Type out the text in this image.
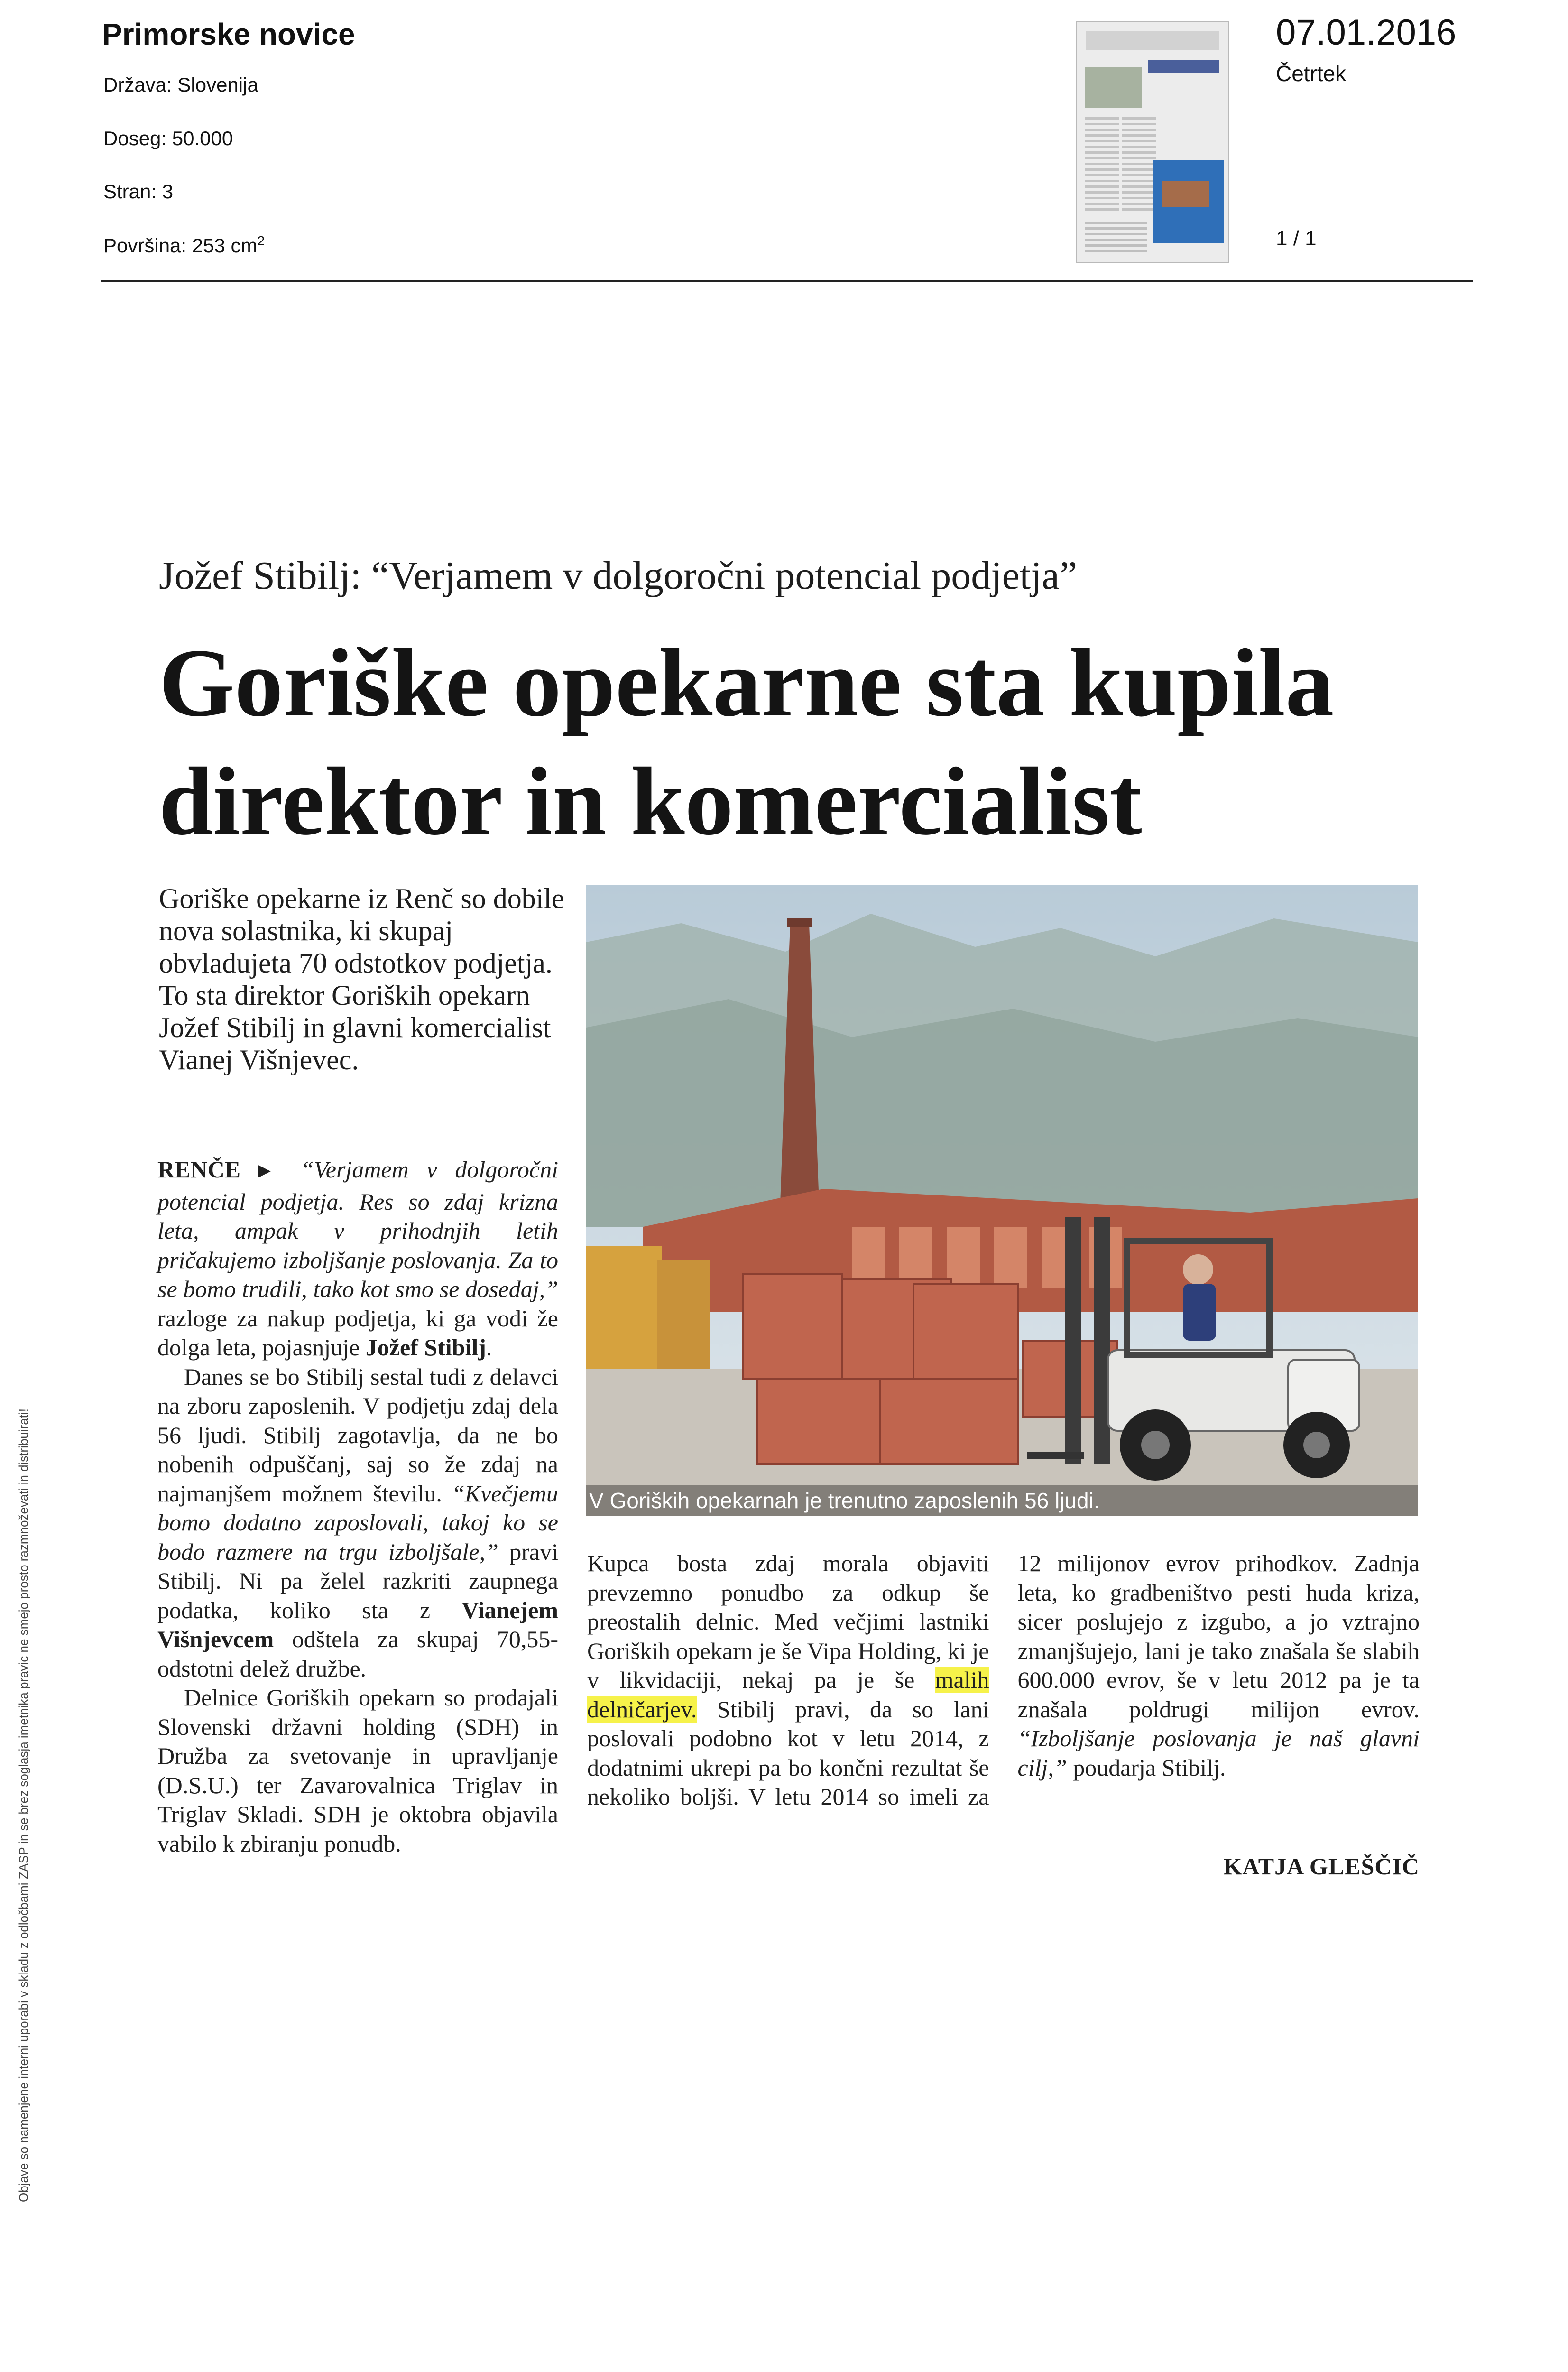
Primorske novice
Država: Slovenija
Doseg: 50.000
Stran: 3
Površina: 253 $cm^2$
07.01.2016
Četrtek
1 / 1
Jožef Stibilj: “Verjamem v dolgoročni potencial podjetja”
Goriške opekarne sta kupila direktor in komercialist
Goriške opekarne iz Renč so dobile nova solastnika, ki skupaj obvladujeta 70 odstotkov podjetja. To sta direktor Goriških opekarn Jožef Stibilj in glavni komercialist Vianej Višnjevec.

RENČE ▶ “Verjamem v dolgoročni potencial podjetja. Res so zdaj krizna leta, ampak v prihodnjih letih pričakujemo izboljšanje poslovanja. Za to se bomo trudili, tako kot smo se dosedaj,” razloge za nakup podjetja, ki ga vodi že dolga leta, pojasnjuje Jožef Stibilj.

Danes se bo Stibilj sestal tudi z delavci na zboru zaposlenih. V podjetju zdaj dela 56 ljudi. Stibilj zagotavlja, da ne bo nobenih odpuščanj, saj so že zdaj na najmanjšem možnem številu. “Kvečjemu bomo dodatno zaposlovali, takoj ko se bodo razmere na trgu izboljšale,” pravi Stibilj. Ni pa želel razkriti zaupnega podatka, koliko sta z Vianejem Višnjevcem odštela za skupaj 70,55-odstotni delež družbe.

Delnice Goriških opekarn so prodajali Slovenski državni holding (SDH) in Družba za svetovanje in upravljanje (D.S.U.) ter Zavarovalnica Triglav in Triglav Skladi. SDH je oktobra objavila vabilo k zbiranju ponudb.

KATJA GLEŠČIČ
V Goriških opekarnah je trenutno zaposlenih 56 ljudi.
Objave so namenjene interni uporabi v skladu z odločbami ZASP in se brez soglasja imetnika pravic ne smejo prosto razmnoževati in distribuirati!	Kupca bosta zdaj morala objaviti prevzemno ponudbo za odkup še preostalih delnic. Med večjimi lastniki Goriških opekarn je še Vipa Holding, ki je v likvidaciji, nekaj pa je še malih delničarjev. Stibilj pravi, da so lani poslovali podobno kot v letu 2014, z dodatnimi ukrepi pa bo končni rezultat še nekoliko boljši. V letu 2014 so imeli za 12 milijonov evrov prihodkov. Zadnja leta, ko gradbeništvo pesti huda kriza, sicer poslujejo z izgubo, a jo vztrajno zmanjšujejo, lani je tako znašala še slabih 600.000 evrov, še v letu 2012 pa je ta znašala poldrugi milijon evrov. “Izboljšanje poslovanja je naš glavni cilj,” poudarja Stibilj.
